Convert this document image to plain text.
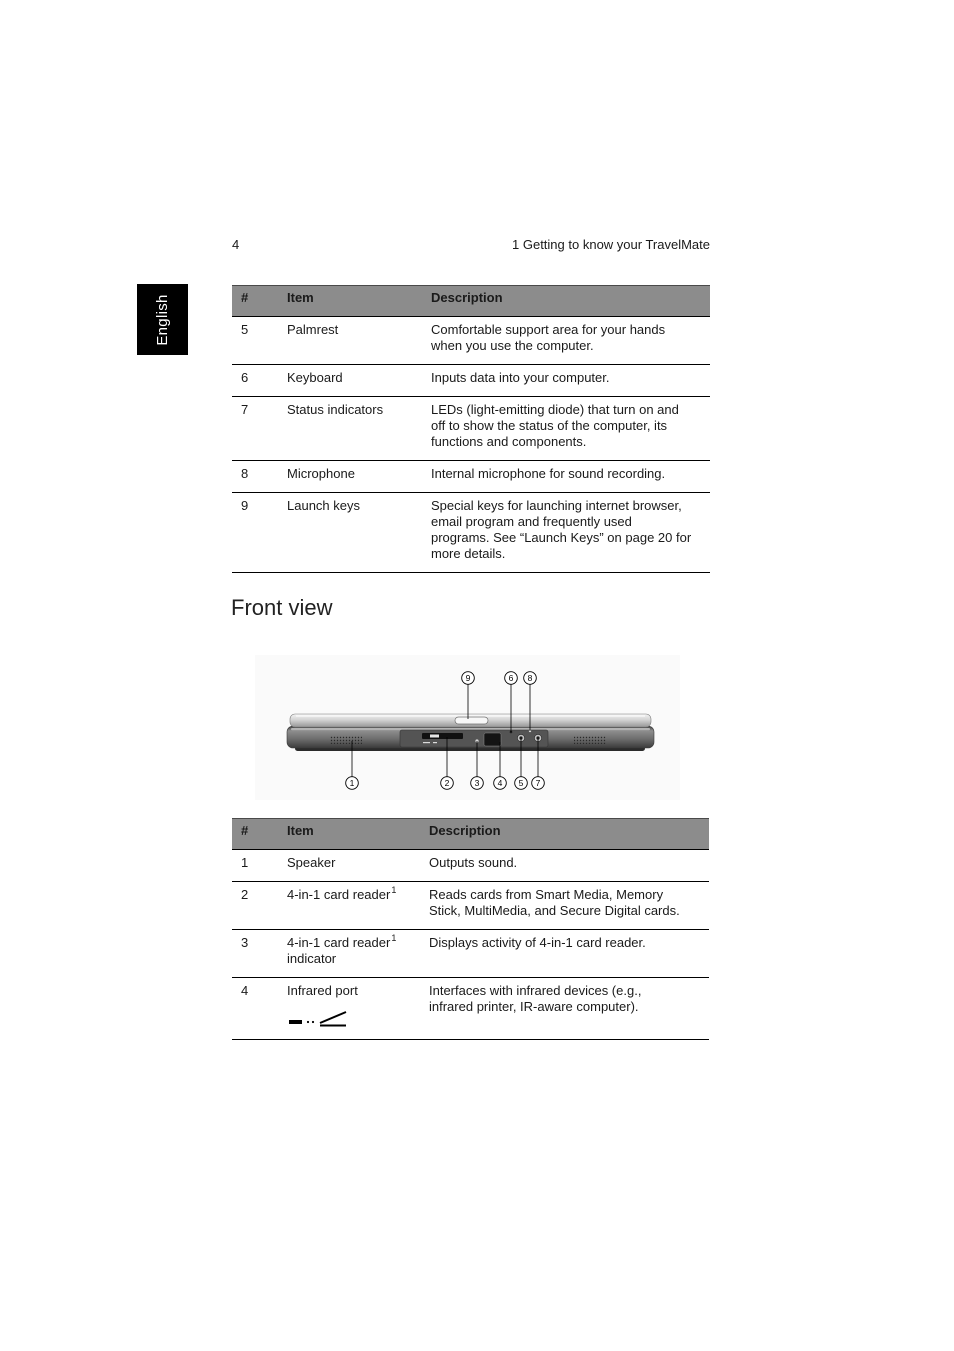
4	1 Getting to know your TravelMate
English	#	Item	Description
5	Palmrest	Comfortable support area for your hands
when you use the computer.

6	Keyboard	Inputs data into your computer.

7	Status indicators	LEDs (light-emitting diode) that turn on and
off to show the status of the computer, its
functions and components.

8	Microphone	Internal microphone for sound recording.

9	Launch keys	Special keys for launching internet browser,
email program and frequently used
programs. See “Launch Keys” on page 20 for
more details.
Front view
9	6 8
1	2	3 4 5 7
#	Item	Description
1	Speaker	Outputs sound.

2	4-in-1 card reader$^1$	Reads cards from Smart Media, Memory
Stick, MultiMedia, and Secure Digital cards.

3	4-in-1 card reader$^1$
indicator	Displays activity of 4-in-1 card reader.

4	Infrared port	Interfaces with infrared devices (e.g.,
infrared printer, IR-aware computer).
